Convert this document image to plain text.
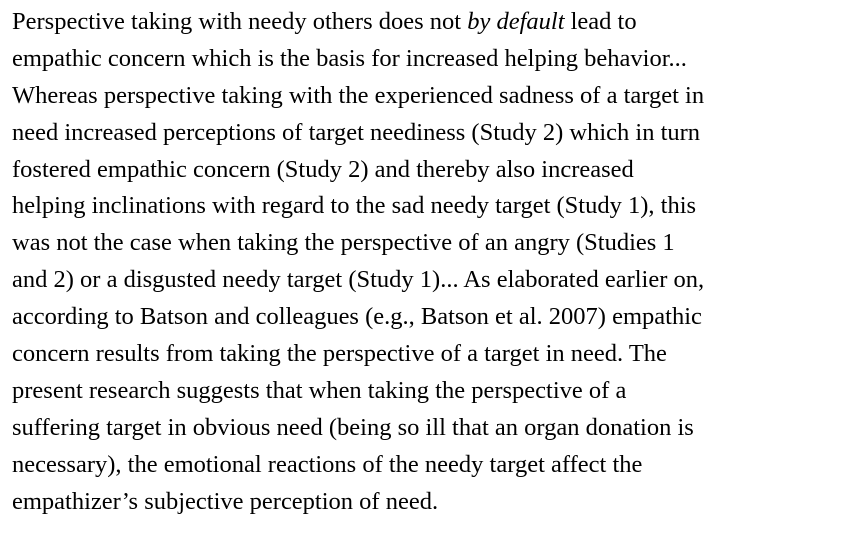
Perspective taking with needy others does not by default lead to
empathic concern which is the basis for increased helping behavior...
Whereas perspective taking with the experienced sadness of a target in
need increased perceptions of target neediness (Study 2) which in turn
fostered empathic concern (Study 2) and thereby also increased
helping inclinations with regard to the sad needy target (Study 1), this
was not the case when taking the perspective of an angry (Studies 1
and 2) or a disgusted needy target (Study 1)... As elaborated earlier on,
according to Batson and colleagues (e.g., Batson et al. 2007) empathic
concern results from taking the perspective of a target in need. The
present research suggests that when taking the perspective of a
suffering target in obvious need (being so ill that an organ donation is
necessary), the emotional reactions of the needy target affect the
empathizer’s subjective perception of need.
